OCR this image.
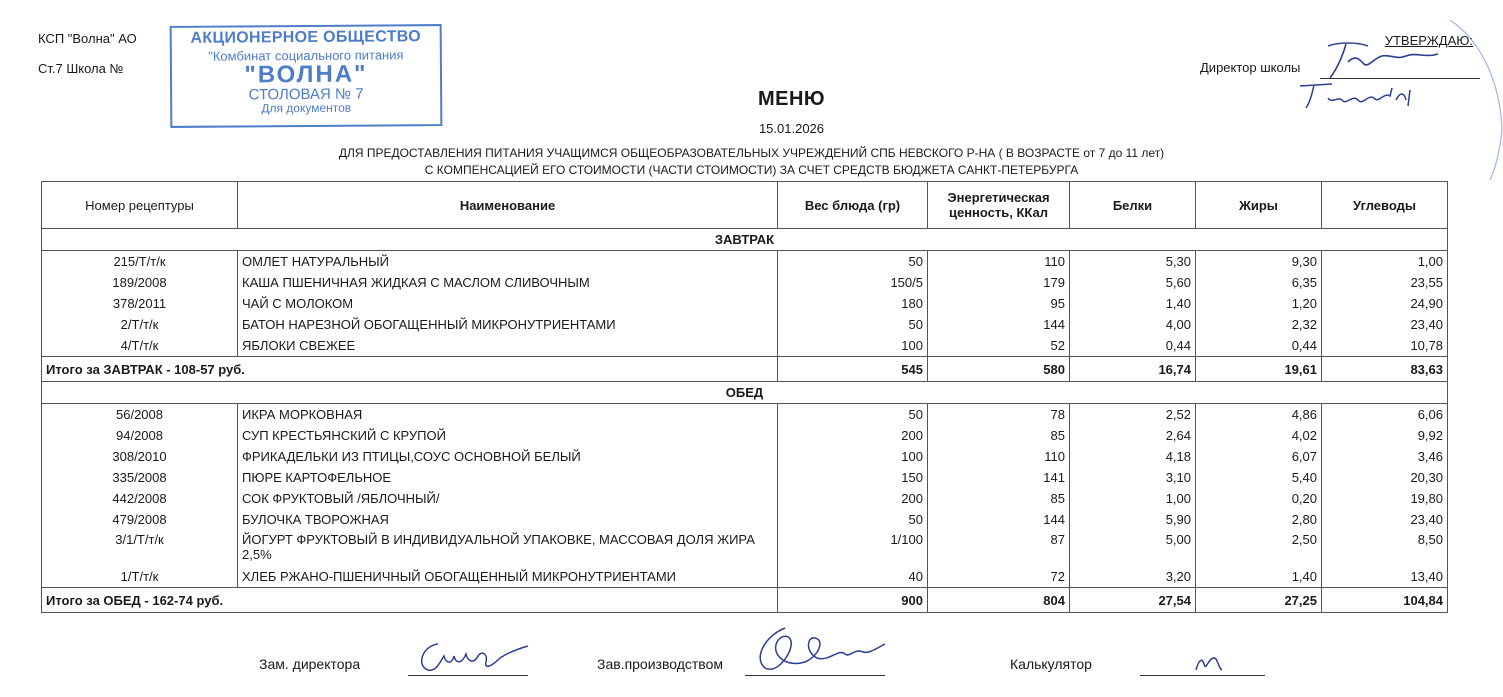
КСП "Волна" АО
Ст.7 Школа №
АКЦИОНЕРНОЕ ОБЩЕСТВО
"Комбинат социального питания
"ВОЛНА"
СТОЛОВАЯ № 7
Для документов
УТВЕРЖДАЮ:
Директор школы
МЕНЮ
15.01.2026
ДЛЯ ПРЕДОСТАВЛЕНИЯ ПИТАНИЯ УЧАЩИМСЯ ОБЩЕОБРАЗОВАТЕЛЬНЫХ УЧРЕЖДЕНИЙ СПБ НЕВСКОГО Р-НА ( В ВОЗРАСТЕ от 7 до 11 лет)
С КОМПЕНСАЦИЕЙ ЕГО СТОИМОСТИ (ЧАСТИ СТОИМОСТИ) ЗА СЧЕТ СРЕДСТВ БЮДЖЕТА САНКТ-ПЕТЕРБУРГА
Номер рецептуры	Наименование	Вес блюда (гр)	Энергетическая ценность, ККал	Белки	Жиры	Углеводы
ЗАВТРАК						
215/Т/т/к	ОМЛЕТ НАТУРАЛЬНЫЙ	50	110	5,30	9,30	1,00
189/2008	КАША ПШЕНИЧНАЯ ЖИДКАЯ С МАСЛОМ СЛИВОЧНЫМ	150/5	179	5,60	6,35	23,55
378/2011	ЧАЙ С МОЛОКОМ	180	95	1,40	1,20	24,90
2/Т/т/к	БАТОН НАРЕЗНОЙ ОБОГАЩЕННЫЙ МИКРОНУТРИЕНТАМИ	50	144	4,00	2,32	23,40
4/Т/т/к	ЯБЛОКИ СВЕЖЕЕ	100	52	0,44	0,44	10,78
Итого за ЗАВТРАК - 108-57 руб.		545	580	16,74	19,61	83,63
ОБЕД						
56/2008	ИКРА МОРКОВНАЯ	50	78	2,52	4,86	6,06
94/2008	СУП КРЕСТЬЯНСКИЙ С КРУПОЙ	200	85	2,64	4,02	9,92
308/2010	ФРИКАДЕЛЬКИ ИЗ ПТИЦЫ,СОУС ОСНОВНОЙ БЕЛЫЙ	100	110	4,18	6,07	3,46
335/2008	ПЮРЕ КАРТОФЕЛЬНОЕ	150	141	3,10	5,40	20,30
442/2008	СОК ФРУКТОВЫЙ /ЯБЛОЧНЫЙ/	200	85	1,00	0,20	19,80
479/2008	БУЛОЧКА ТВОРОЖНАЯ	50	144	5,90	2,80	23,40
3/1/Т/т/к	ЙОГУРТ ФРУКТОВЫЙ В ИНДИВИДУАЛЬНОЙ УПАКОВКЕ, МАССОВАЯ ДОЛЯ ЖИРА 2,5%	1/100	87	5,00	2,50	8,50
1/Т/т/к	ХЛЕБ РЖАНО-ПШЕНИЧНЫЙ ОБОГАЩЕННЫЙ МИКРОНУТРИЕНТАМИ	40	72	3,20	1,40	13,40
Итого за ОБЕД - 162-74 руб.		900	804	27,54	27,25	104,84
Зам. директора	Зав.производством	Калькулятор
